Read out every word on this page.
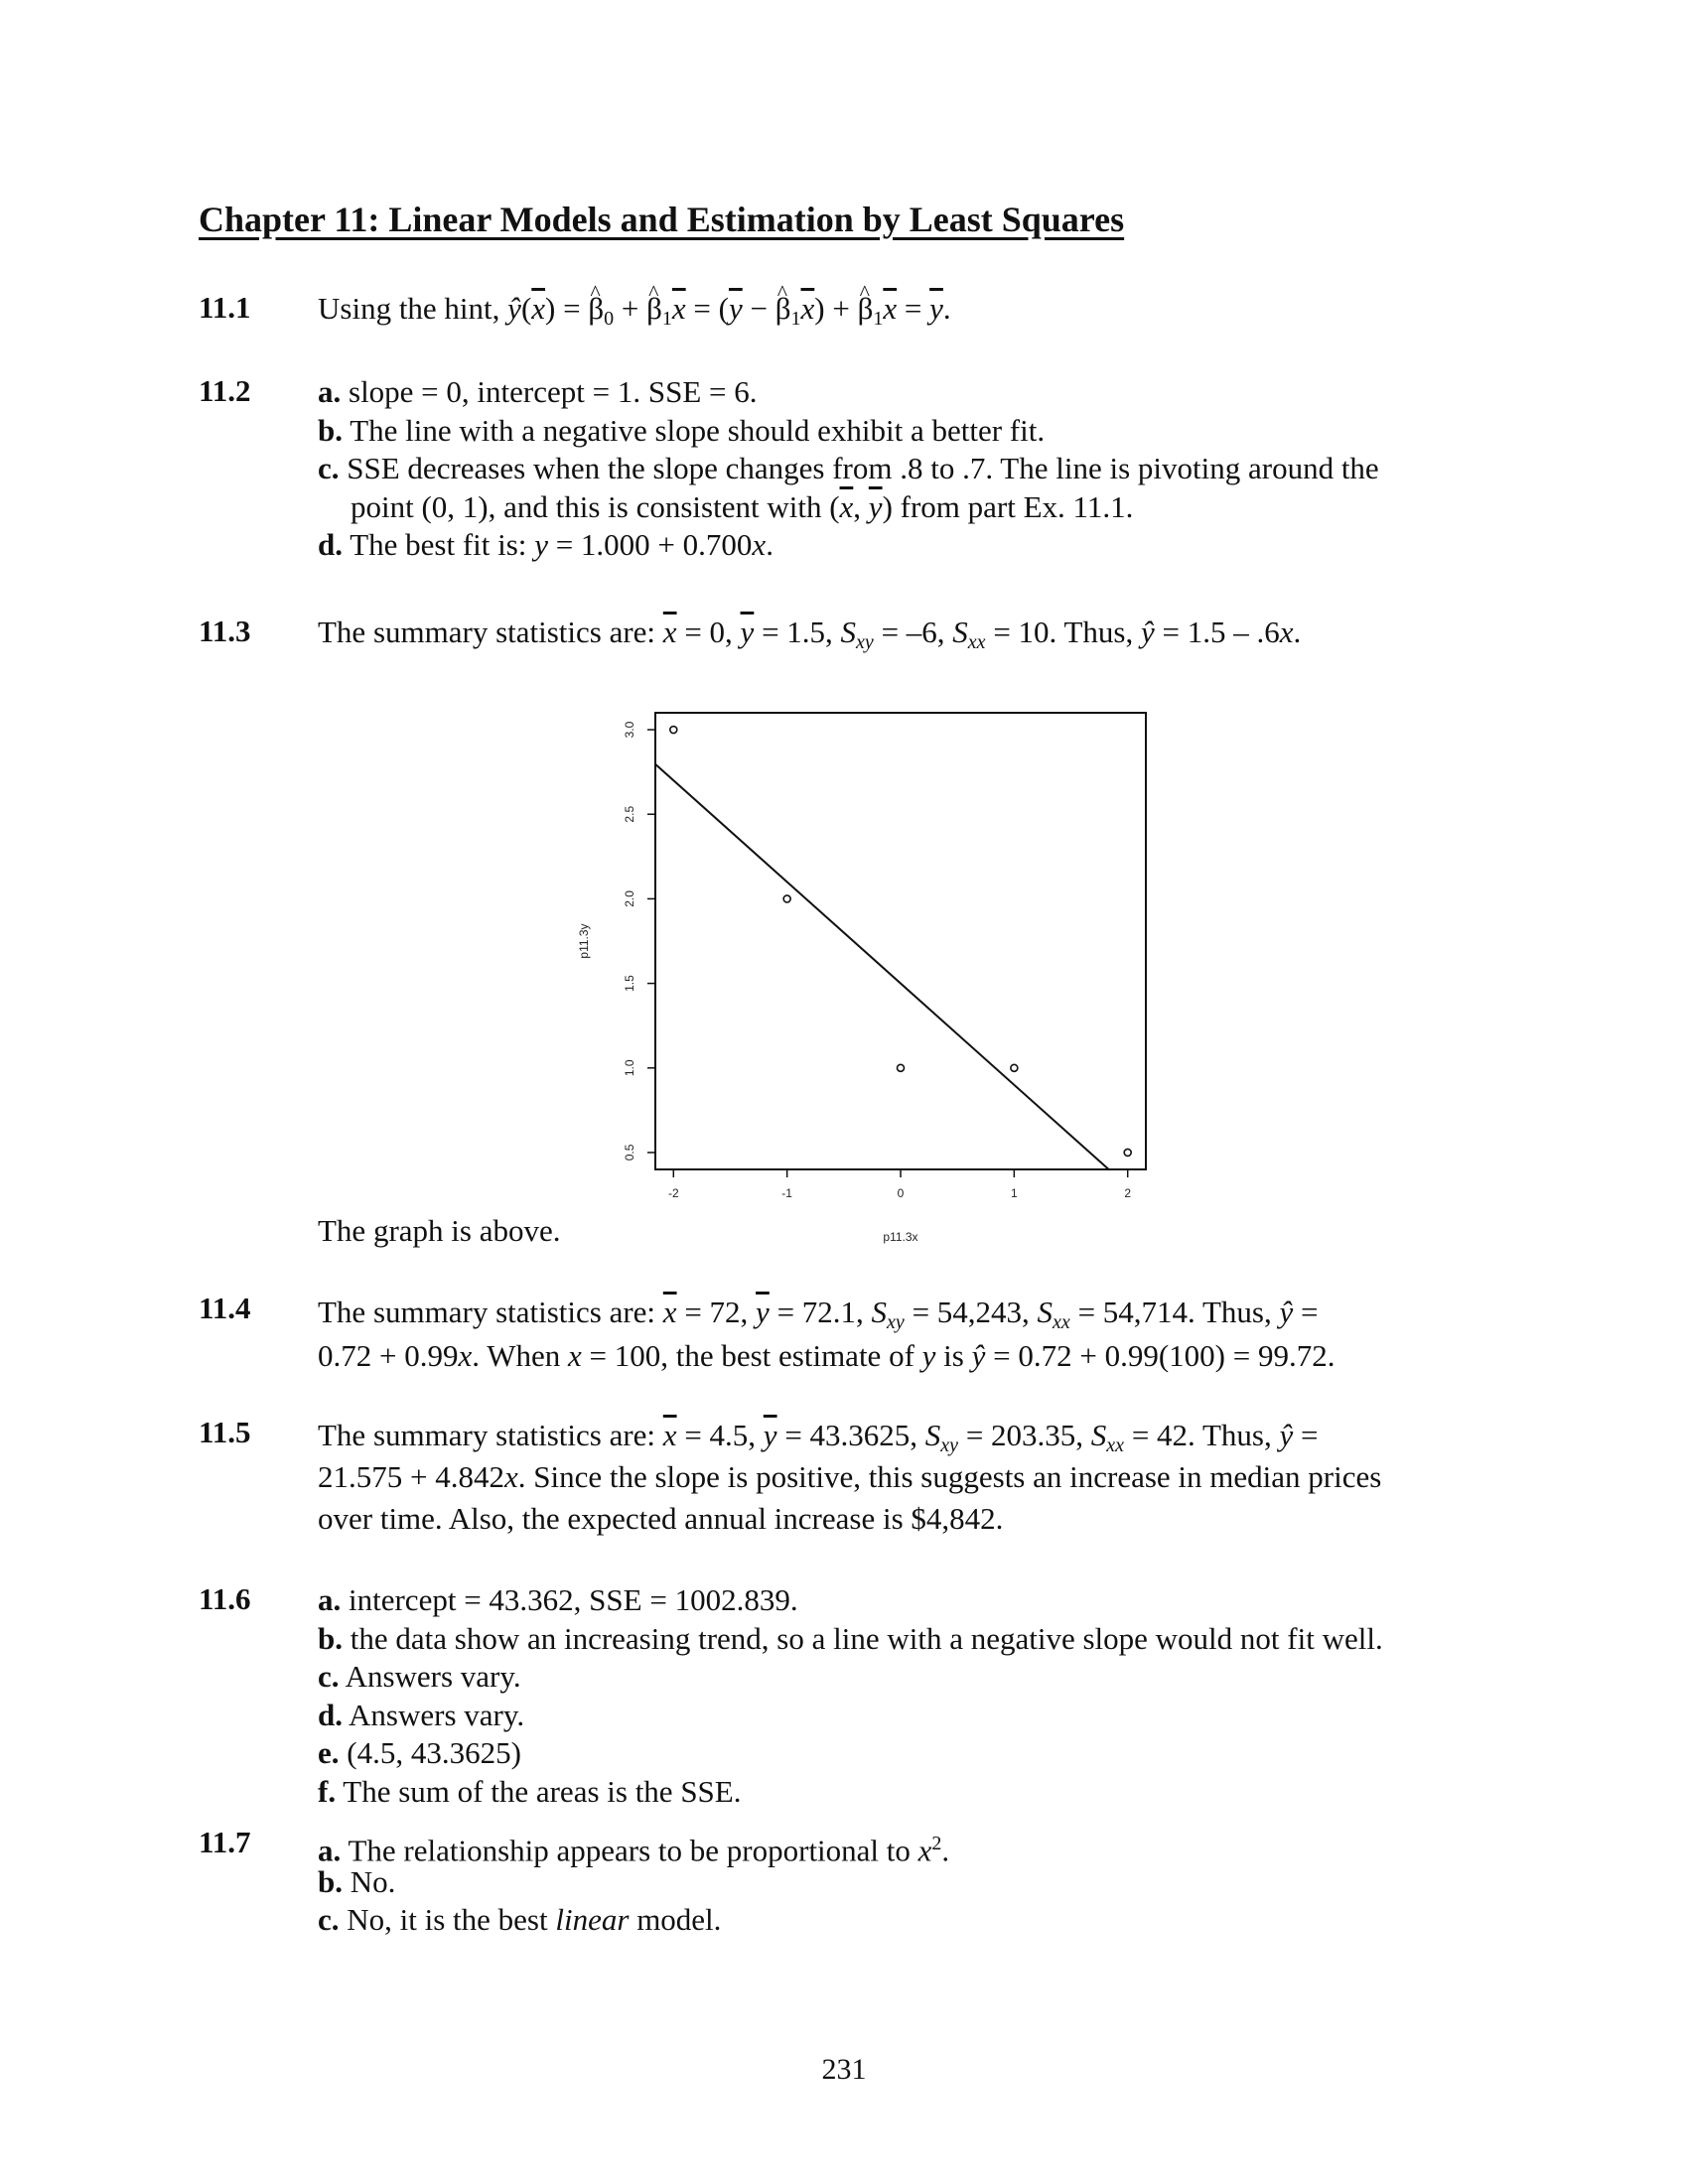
Chapter 11: Linear Models and Estimation by Least Squares
11.1 Using the hint, $ŷ(\overline{x})$ = ^ $\beta_0$ + ^ $\beta_1\overline{x} = (\overline{y}$ − ^ $\beta_1\overline{x}$) + ^ $\beta_1\overline{x} = \overline{y}$.
11.2 a. slope = 0, intercept = 1. SSE = 6.
b. The line with a negative slope should exhibit a better fit.
c. SSE decreases when the slope changes from .8 to .7. The line is pivoting around the
point (0, 1), and this is consistent with ($\overline{x}$, $\overline{y}$) from part Ex. 11.1.
d. The best fit is: y = 1.000 + 0.700x.
11.3 The summary statistics are: $\overline{x} = 0$, $\overline{y} = 1.5$, $S_{xy} = -6$, $S_{xx} = 10$. Thus, ŷ = 1.5 – .6x.
-2	-1	0	1	2
0.5
1.0
1.5
2.0
2.5
3.0
p11.3x
p11.3y
The graph is above.
11.4 The summary statistics are: $\overline{x} = 72$, $\overline{y} = 72.1$, $S_{xy} = 54,243$, $S_{xx} = 54,714$. Thus, ŷ =
0.72 + 0.99x. When x = 100, the best estimate of y is ŷ = 0.72 + 0.99(100) = 99.72.
11.5 The summary statistics are: $\overline{x} = 4.5$, $\overline{y} = 43.3625$, $S_{xy} = 203.35$, $S_{xx} = 42$. Thus, ŷ =
21.575 + 4.842x. Since the slope is positive, this suggests an increase in median prices
over time. Also, the expected annual increase is $4,842.
11.6 a. intercept = 43.362, SSE = 1002.839.
b. the data show an increasing trend, so a line with a negative slope would not fit well.
c. Answers vary.
d. Answers vary.
e. (4.5, 43.3625)
f. The sum of the areas is the SSE.
11.7 a. The relationship appears to be proportional to $x^2$.
b. No.
c. No, it is the best linear model.
231
